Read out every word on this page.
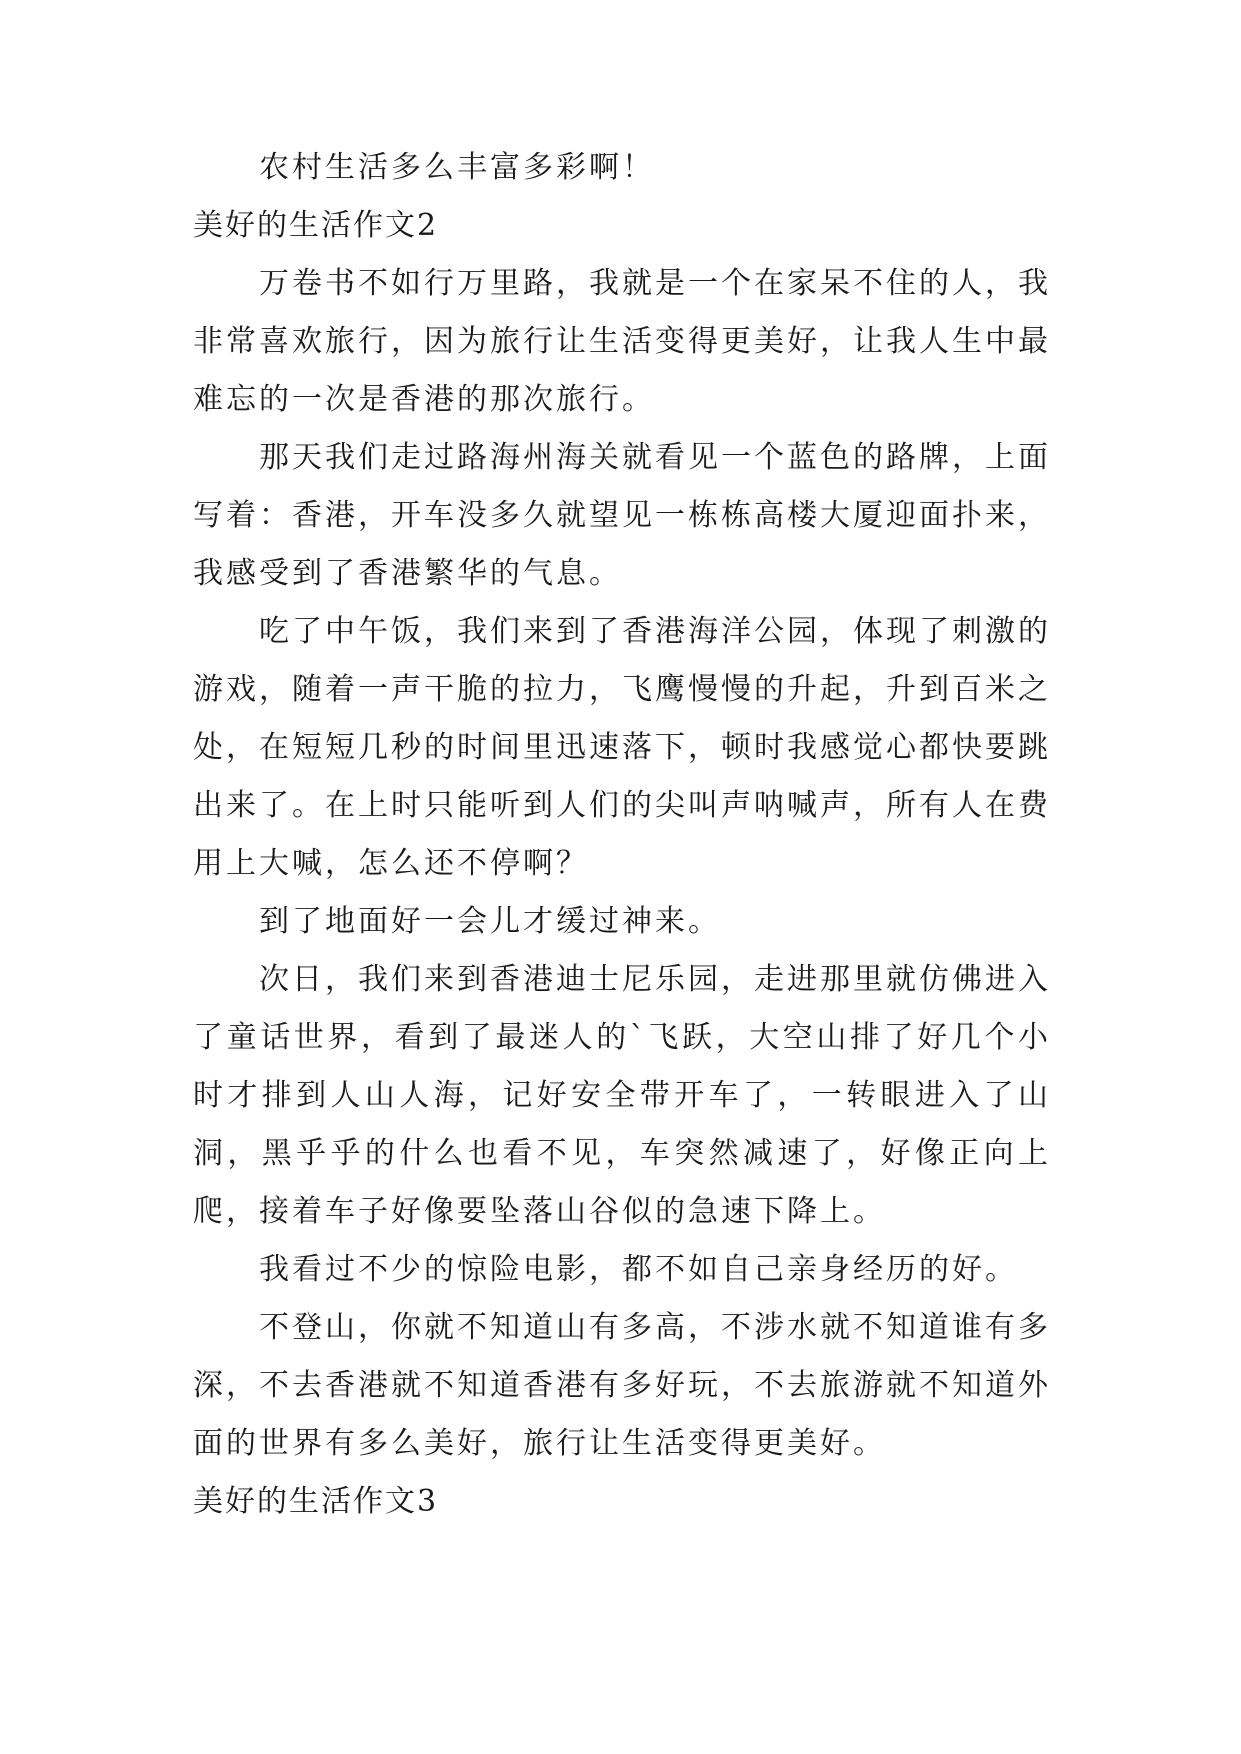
农村生活多么丰富多彩啊！

美好的生活作文2

万卷书不如行万里路，我就是一个在家呆不住的人，我非常喜欢旅行，因为旅行让生活变得更美好，让我人生中最难忘的一次是香港的那次旅行。

那天我们走过路海州海关就看见一个蓝色的路牌，上面写着：香港，开车没多久就望见一栋栋高楼大厦迎面扑来，我感受到了香港繁华的气息。

吃了中午饭，我们来到了香港海洋公园，体现了刺激的游戏，随着一声干脆的拉力，飞鹰慢慢的升起，升到百米之处，在短短几秒的时间里迅速落下，顿时我感觉心都快要跳出来了。在上时只能听到人们的尖叫声呐喊声，所有人在费用上大喊，怎么还不停啊？

到了地面好一会儿才缓过神来。

次日，我们来到香港迪士尼乐园，走进那里就仿佛进入了童话世界，看到了最迷人的`飞跃，大空山排了好几个小时才排到人山人海，记好安全带开车了，一转眼进入了山洞，黑乎乎的什么也看不见，车突然减速了，好像正向上爬，接着车子好像要坠落山谷似的急速下降上。

我看过不少的惊险电影，都不如自己亲身经历的好。

不登山，你就不知道山有多高，不涉水就不知道谁有多深，不去香港就不知道香港有多好玩，不去旅游就不知道外面的世界有多么美好，旅行让生活变得更美好。

美好的生活作文3
